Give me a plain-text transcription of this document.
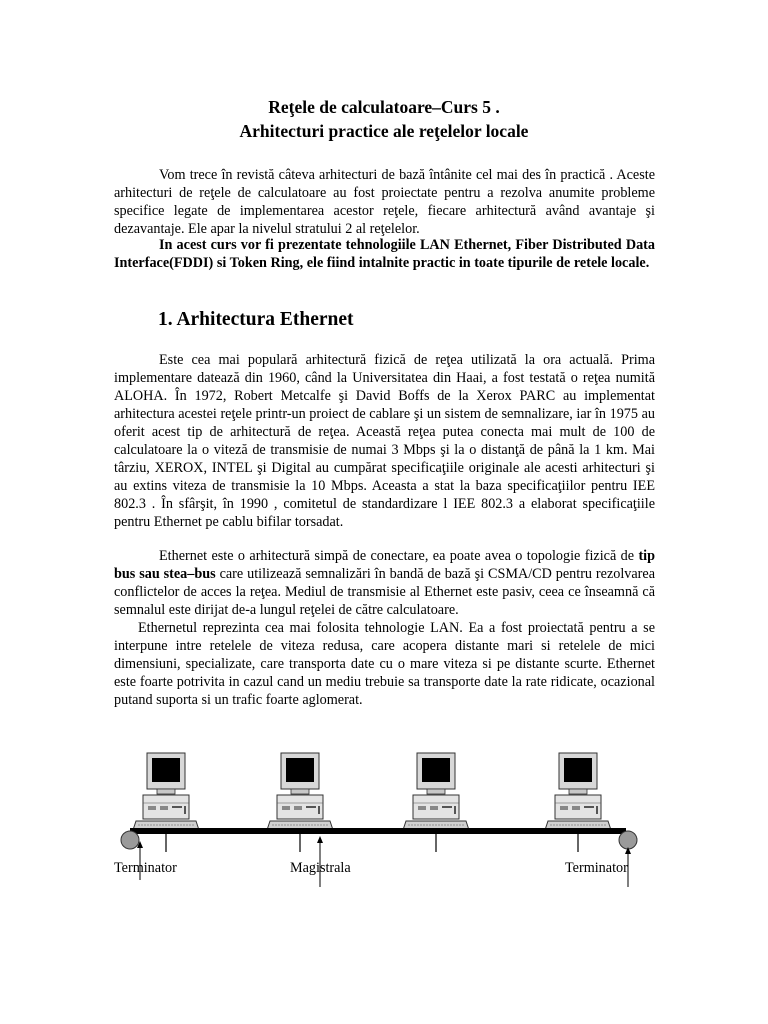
Reţele de calculatoare–Curs 5 .
Arhitecturi practice ale reţelelor locale

Vom trece în revistă câteva arhitecturi de bază întânite cel mai des în practică . Aceste arhitecturi de reţele de calculatoare au fost proiectate pentru a rezolva anumite probleme specifice legate de implementarea acestor reţele, fiecare arhitectură având avantaje şi dezavantaje. Ele apar la nivelul stratului 2 al reţelelor.

In acest curs vor fi prezentate tehnologiile LAN Ethernet, Fiber Distributed Data Interface(FDDI) si Token Ring, ele fiind intalnite practic in toate tipurile de retele locale.

1. Arhitectura Ethernet

Este cea mai populară arhitectură fizică de reţea utilizată la ora actuală. Prima implementare datează din 1960, când la Universitatea din Haai, a fost testată o reţea numită ALOHA. În 1972, Robert Metcalfe şi David Boffs de la Xerox PARC au implementat arhitectura acestei reţele printr-un proiect de cablare şi un sistem de semnalizare, iar în 1975 au oferit acest tip de arhitectură de reţea. Această reţea putea conecta mai mult de 100 de calculatoare la o viteză de transmisie de numai 3 Mbps şi la o distanţă de până la 1 km. Mai târziu, XEROX, INTEL şi Digital au cumpărat specificaţiile originale ale acesti arhitecturi şi au extins viteza de transmisie la 10 Mbps. Aceasta a stat la baza specificaţiilor pentru IEE 802.3 . În sfârşit, în 1990 , comitetul de standardizare l IEE 802.3 a elaborat specificaţiile pentru Ethernet pe cablu bifilar torsadat.

Ethernet este o arhitectură simpă de conectare, ea poate avea o topologie fizică de tip bus sau stea–bus care utilizează semnalizări în bandă de bază şi CSMA/CD pentru rezolvarea conflictelor de acces la reţea. Mediul de transmisie al Ethernet este pasiv, ceea ce înseamnă că semnalul este dirijat de-a lungul reţelei de către calculatoare.

Ethernetul reprezinta cea mai folosita tehnologie LAN. Ea a fost proiectată pentru a se interpune intre retelele de viteza redusa, care acopera distante mari si retelele de mici dimensiuni, specializate, care transporta date cu o mare viteza si pe distante scurte. Ethernet este foarte potrivita in cazul cand un mediu trebuie sa transporte date la rate ridicate, ocazional putand suporta si un trafic foarte aglomerat.

Terminator	Magistrala	Terminator
